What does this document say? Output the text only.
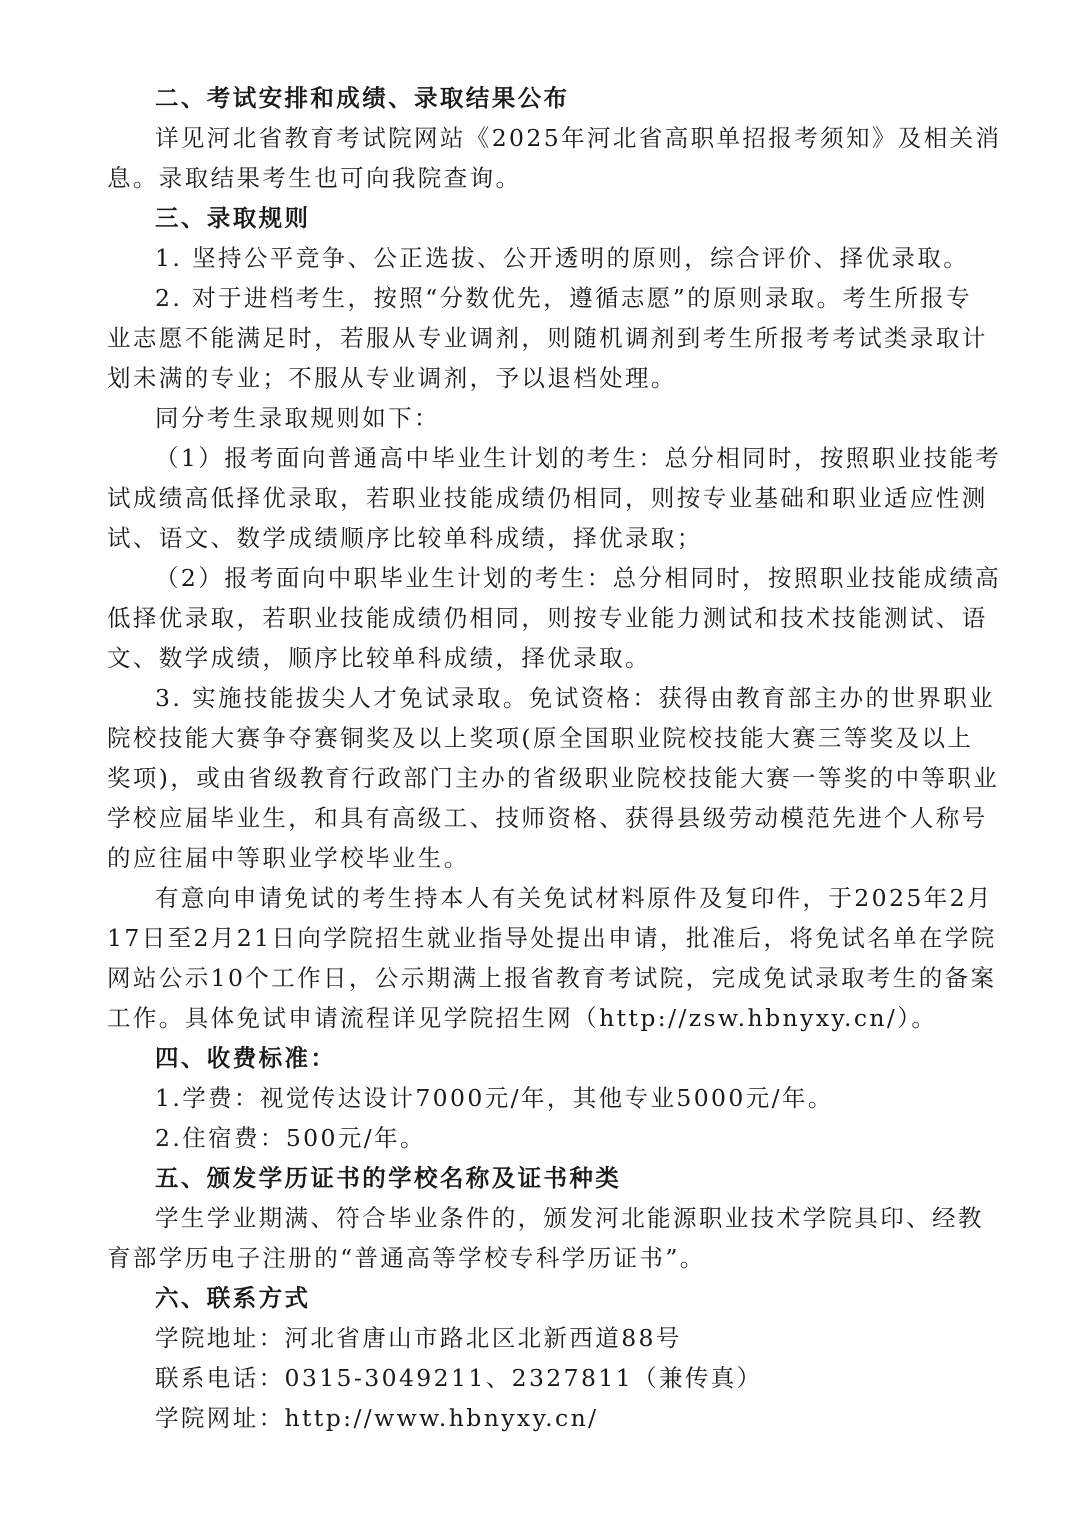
二、考试安排和成绩、录取结果公布

详见河北省教育考试院网站《2025年河北省高职单招报考须知》及相关消

息。录取结果考生也可向我院查询。

三、录取规则

1. 坚持公平竞争、公正选拔、公开透明的原则，综合评价、择优录取。

2. 对于进档考生，按照“分数优先，遵循志愿”的原则录取。考生所报专

业志愿不能满足时，若服从专业调剂，则随机调剂到考生所报考考试类录取计

划未满的专业；不服从专业调剂，予以退档处理。

同分考生录取规则如下：

（1）报考面向普通高中毕业生计划的考生：总分相同时，按照职业技能考

试成绩高低择优录取，若职业技能成绩仍相同，则按专业基础和职业适应性测

试、语文、数学成绩顺序比较单科成绩，择优录取；

（2）报考面向中职毕业生计划的考生：总分相同时，按照职业技能成绩高

低择优录取，若职业技能成绩仍相同，则按专业能力测试和技术技能测试、语

文、数学成绩，顺序比较单科成绩，择优录取。

3. 实施技能拔尖人才免试录取。免试资格：获得由教育部主办的世界职业

院校技能大赛争夺赛铜奖及以上奖项(原全国职业院校技能大赛三等奖及以上

奖项)，或由省级教育行政部门主办的省级职业院校技能大赛一等奖的中等职业

学校应届毕业生，和具有高级工、技师资格、获得县级劳动模范先进个人称号

的应往届中等职业学校毕业生。

有意向申请免试的考生持本人有关免试材料原件及复印件，于2025年2月

17日至2月21日向学院招生就业指导处提出申请，批准后，将免试名单在学院

网站公示10个工作日，公示期满上报省教育考试院，完成免试录取考生的备案

工作。具体免试申请流程详见学院招生网（http://zsw.hbnyxy.cn/）。

四、收费标准：

1.学费：视觉传达设计7000元/年，其他专业5000元/年。

2.住宿费：500元/年。

五、颁发学历证书的学校名称及证书种类

学生学业期满、符合毕业条件的，颁发河北能源职业技术学院具印、经教

育部学历电子注册的“普通高等学校专科学历证书”。

六、联系方式

学院地址：河北省唐山市路北区北新西道88号

联系电话：0315-3049211、2327811（兼传真）

学院网址：http://www.hbnyxy.cn/
